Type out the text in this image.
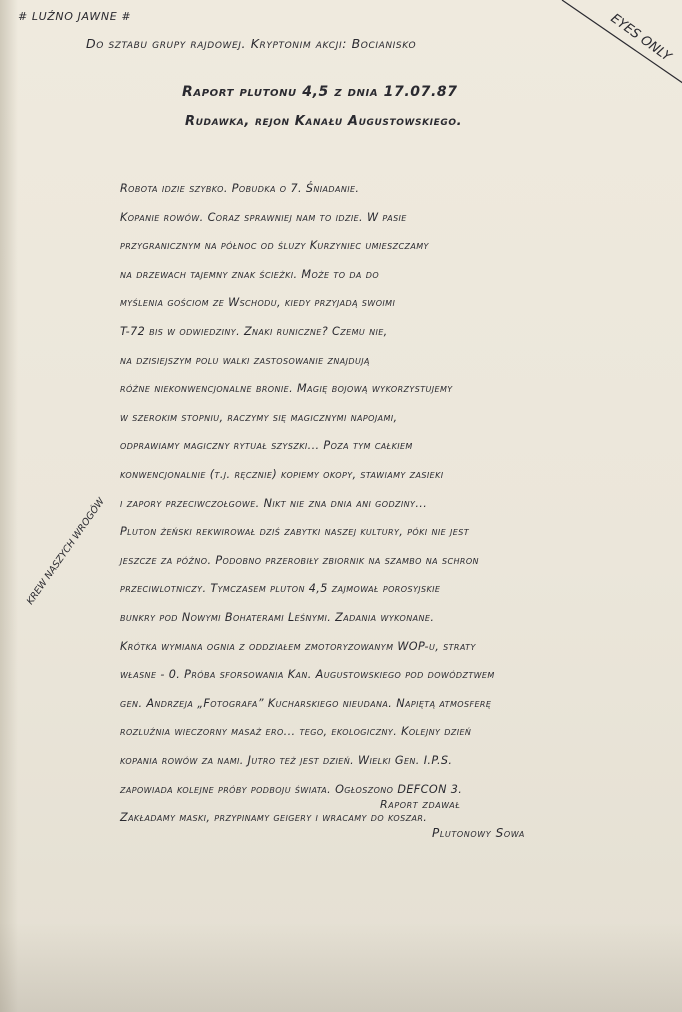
# LUŹNO JAWNE #
Do sztabu grupy rajdowej. Kryptonim akcji: Bocianisko
Raport plutonu 4,5 z dnia 17.07.87
Rudawka, rejon Kanału Augustowskiego.
EYES ONLY
Robota idzie szybko. Pobudka o 7. Śniadanie.
Kopanie rowów. Coraz sprawniej nam to idzie. W pasie
przygranicznym na północ od śluzy Kurzyniec umieszczamy
na drzewach tajemny znak ścieżki. Może to da do
myślenia gościom ze Wschodu, kiedy przyjadą swoimi
T-72 bis w odwiedziny. Znaki runiczne? Czemu nie,
na dzisiejszym polu walki zastosowanie znajdują
różne niekonwencjonalne bronie. Magię bojową wykorzystujemy
w szerokim stopniu, raczymy się magicznymi napojami,
odprawiamy magiczny rytuał szyszki... Poza tym całkiem
konwencjonalnie (t.j. ręcznie) kopiemy okopy, stawiamy zasieki
i zapory przeciwczołgowe. Nikt nie zna dnia ani godziny...
Pluton żeński rekwirował dziś zabytki naszej kultury, póki nie jest
jeszcze za późno. Podobno przerobiły zbiornik na szambo na schron
przeciwlotniczy. Tymczasem pluton 4,5 zajmował porosyjskie
bunkry pod Nowymi Bohaterami Leśnymi. Zadania wykonane.
Krótka wymiana ognia z oddziałem zmotoryzowanym WOP-u, straty
własne - 0. Próba sforsowania Kan. Augustowskiego pod dowództwem
gen. Andrzeja „Fotografa” Kucharskiego nieudana. Napiętą atmosferę
rozluźnia wieczorny masaż ero... tego, ekologiczny. Kolejny dzień
kopania rowów za nami. Jutro też jest dzień. Wielki Gen. I.P.S.
zapowiada kolejne próby podboju świata. Ogłoszono DEFCON 3.
Zakładamy maski, przypinamy geigery i wracamy do koszar.
KREW NASZYCH WROGÓW
Raport zdawał
Plutonowy Sowa
